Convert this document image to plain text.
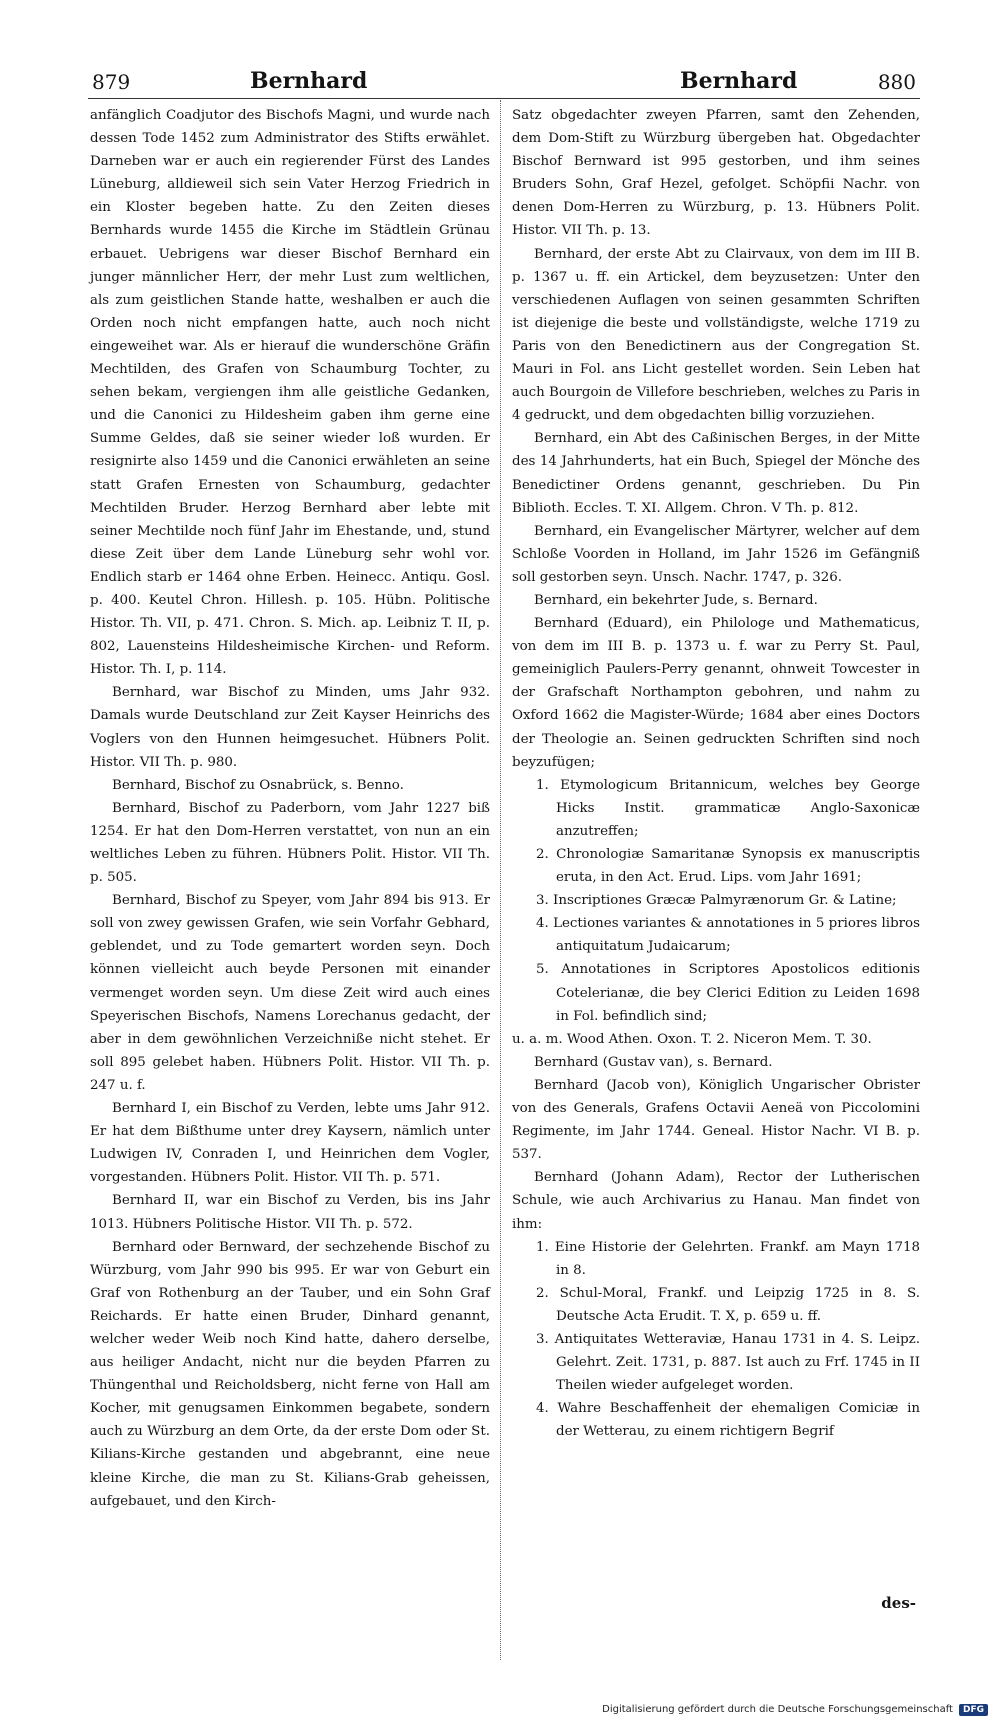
879	Bernhard	Bernhard	880

anfänglich Coadjutor des Bischofs Magni, und wurde nach dessen Tode 1452 zum Administrator des Stifts erwählet. Darneben war er auch ein regierender Fürst des Landes Lüneburg, alldieweil sich sein Vater Herzog Friedrich in ein Kloster begeben hatte. Zu den Zeiten dieses Bernhards wurde 1455 die Kirche im Städtlein Grünau erbauet. Uebrigens war dieser Bischof Bernhard ein junger männlicher Herr, der mehr Lust zum weltlichen, als zum geistlichen Stande hatte, weshalben er auch die Orden noch nicht empfangen hatte, auch noch nicht eingeweihet war. Als er hierauf die wunderschöne Gräfin Mechtilden, des Grafen von Schaumburg Tochter, zu sehen bekam, vergiengen ihm alle geistliche Gedanken, und die Canonici zu Hildesheim gaben ihm gerne eine Summe Geldes, daß sie seiner wieder loß wurden. Er resignirte also 1459 und die Canonici erwähleten an seine statt Grafen Ernesten von Schaumburg, gedachter Mechtilden Bruder. Herzog Bernhard aber lebte mit seiner Mechtilde noch fünf Jahr im Ehestande, und, stund diese Zeit über dem Lande Lüneburg sehr wohl vor. Endlich starb er 1464 ohne Erben. Heinecc. Antiqu. Gosl. p. 400. Keutel Chron. Hillesh. p. 105. Hübn. Politische Histor. Th. VII, p. 471. Chron. S. Mich. ap. Leibniz T. II, p. 802, Lauensteins Hildesheimische Kirchen- und Reform. Histor. Th. I, p. 114.

Bernhard, war Bischof zu Minden, ums Jahr 932. Damals wurde Deutschland zur Zeit Kayser Heinrichs des Voglers von den Hunnen heimgesuchet. Hübners Polit. Histor. VII Th. p. 980.

Bernhard, Bischof zu Osnabrück, s. Benno.

Bernhard, Bischof zu Paderborn, vom Jahr 1227 biß 1254. Er hat den Dom-Herren verstattet, von nun an ein weltliches Leben zu führen. Hübners Polit. Histor. VII Th. p. 505.

Bernhard, Bischof zu Speyer, vom Jahr 894 bis 913. Er soll von zwey gewissen Grafen, wie sein Vorfahr Gebhard, geblendet, und zu Tode gemartert worden seyn. Doch können vielleicht auch beyde Personen mit einander vermenget worden seyn. Um diese Zeit wird auch eines Speyerischen Bischofs, Namens Lorechanus gedacht, der aber in dem gewöhnlichen Verzeichniße nicht stehet. Er soll 895 gelebet haben. Hübners Polit. Histor. VII Th. p. 247 u. f.

Bernhard I, ein Bischof zu Verden, lebte ums Jahr 912. Er hat dem Bißthume unter drey Kaysern, nämlich unter Ludwigen IV, Conraden I, und Heinrichen dem Vogler, vorgestanden. Hübners Polit. Histor. VII Th. p. 571.

Bernhard II, war ein Bischof zu Verden, bis ins Jahr 1013. Hübners Politische Histor. VII Th. p. 572.

Bernhard oder Bernward, der sechzehende Bischof zu Würzburg, vom Jahr 990 bis 995. Er war von Geburt ein Graf von Rothenburg an der Tauber, und ein Sohn Graf Reichards. Er hatte einen Bruder, Dinhard genannt, welcher weder Weib noch Kind hatte, dahero derselbe, aus heiliger Andacht, nicht nur die beyden Pfarren zu Thüngenthal und Reicholdsberg, nicht ferne von Hall am Kocher, mit genugsamen Einkommen begabete, sondern auch zu Würzburg an dem Orte, da der erste Dom oder St. Kilians-Kirche gestanden und abgebrannt, eine neue kleine Kirche, die man zu St. Kilians-Grab geheissen, aufgebauet, und den Kirch-

Satz obgedachter zweyen Pfarren, samt den Zehenden, dem Dom-Stift zu Würzburg übergeben hat. Obgedachter Bischof Bernward ist 995 gestorben, und ihm seines Bruders Sohn, Graf Hezel, gefolget. Schöpfii Nachr. von denen Dom-Herren zu Würzburg, p. 13. Hübners Polit. Histor. VII Th. p. 13.

Bernhard, der erste Abt zu Clairvaux, von dem im III B. p. 1367 u. ff. ein Artickel, dem beyzusetzen: Unter den verschiedenen Auflagen von seinen gesammten Schriften ist diejenige die beste und vollständigste, welche 1719 zu Paris von den Benedictinern aus der Congregation St. Mauri in Fol. ans Licht gestellet worden. Sein Leben hat auch Bourgoin de Villefore beschrieben, welches zu Paris in 4 gedruckt, und dem obgedachten billig vorzuziehen.

Bernhard, ein Abt des Caßinischen Berges, in der Mitte des 14 Jahrhunderts, hat ein Buch, Spiegel der Mönche des Benedictiner Ordens genannt, geschrieben. Du Pin Biblioth. Eccles. T. XI. Allgem. Chron. V Th. p. 812.

Bernhard, ein Evangelischer Märtyrer, welcher auf dem Schloße Voorden in Holland, im Jahr 1526 im Gefängniß soll gestorben seyn. Unsch. Nachr. 1747, p. 326.

Bernhard, ein bekehrter Jude, s. Bernard.

Bernhard (Eduard), ein Philologe und Mathematicus, von dem im III B. p. 1373 u. f. war zu Perry St. Paul, gemeiniglich Paulers-Perry genannt, ohnweit Towcester in der Grafschaft Northampton gebohren, und nahm zu Oxford 1662 die Magister-Würde; 1684 aber eines Doctors der Theologie an. Seinen gedruckten Schriften sind noch beyzufügen;

1. Etymologicum Britannicum, welches bey George Hicks Instit. grammaticæ Anglo-Saxonicæ anzutreffen;
2. Chronologiæ Samaritanæ Synopsis ex manuscriptis eruta, in den Act. Erud. Lips. vom Jahr 1691;
3. Inscriptiones Græcæ Palmyrænorum Gr. & Latine;
4. Lectiones variantes & annotationes in 5 priores libros antiquitatum Judaicarum;
5. Annotationes in Scriptores Apostolicos editionis Cotelerianæ, die bey Clerici Edition zu Leiden 1698 in Fol. befindlich sind;

u. a. m. Wood Athen. Oxon. T. 2. Niceron Mem. T. 30.

Bernhard (Gustav van), s. Bernard.

Bernhard (Jacob von), Königlich Ungarischer Obrister von des Generals, Grafens Octavii Aeneä von Piccolomini Regimente, im Jahr 1744. Geneal. Histor Nachr. VI B. p. 537.

Bernhard (Johann Adam), Rector der Lutherischen Schule, wie auch Archivarius zu Hanau. Man findet von ihm:

1. Eine Historie der Gelehrten. Frankf. am Mayn 1718 in 8.
2. Schul-Moral, Frankf. und Leipzig 1725 in 8. S. Deutsche Acta Erudit. T. X, p. 659 u. ff.
3. Antiquitates Wetteraviæ, Hanau 1731 in 4. S. Leipz. Gelehrt. Zeit. 1731, p. 887. Ist auch zu Frf. 1745 in II Theilen wieder aufgeleget worden.
4. Wahre Beschaffenheit der ehemaligen Comiciæ in der Wetterau, zu einem richtigern Begrif
des-
Digitalisierung gefördert durch die Deutsche Forschungsgemeinschaft	DFG
